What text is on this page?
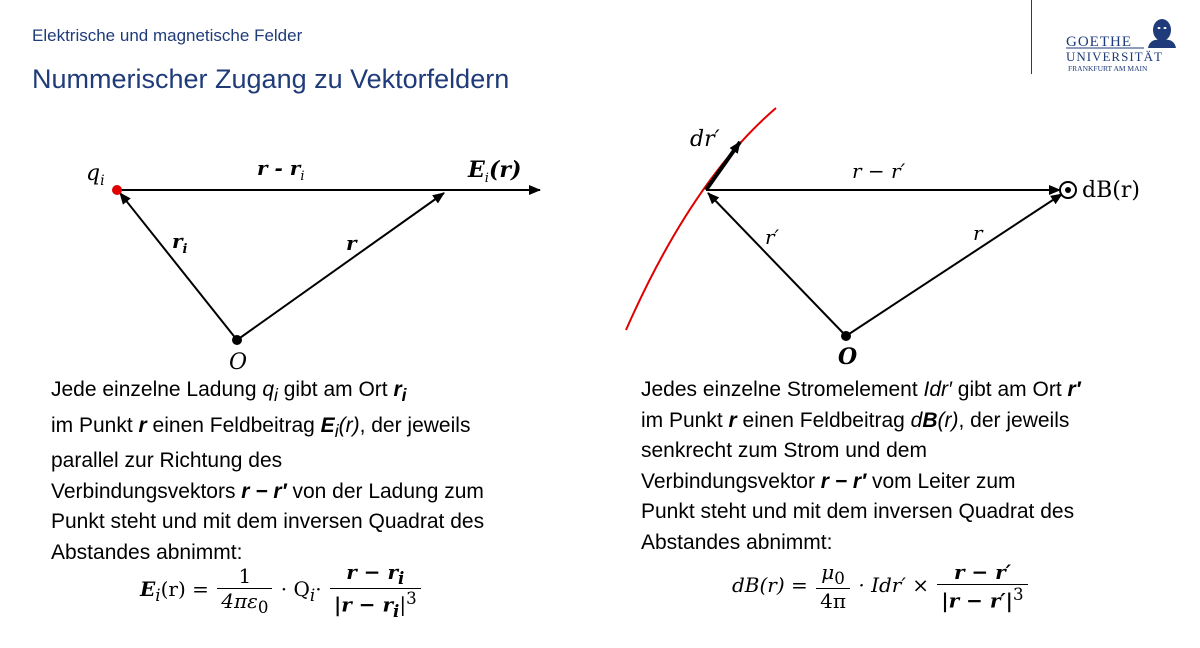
Elektrische und magnetische Felder
Nummerischer Zugang zu Vektorfeldern
GOETHE
UNIVERSITÄT
FRANKFURT AM MAIN
$q_i$
r - $r_i$	$E_i(r)$
$r_i$	r
O
dr′
r − r′
dB(r)
r′	r
O
Jede einzelne Ladung $q_i$ gibt am Ort $r_i$
im Punkt r einen Feldbeitrag $E_i(r)$, der jeweils
parallel zur Richtung des
Verbindungsvektors r − r′ von der Ladung zum
Punkt steht und mit dem inversen Quadrat des
Abstandes abnimmt:
Jedes einzelne Stromelement Idr′ gibt am Ort r′
im Punkt r einen Feldbeitrag dB(r), der jeweils
senkrecht zum Strom und dem
Verbindungsvektor r − r′ vom Leiter zum
Punkt steht und mit dem inversen Quadrat des
Abstandes abnimmt:
$E_i(r) = \frac{1}{4\pi\varepsilon_0} \cdot Q_i\cdot \frac{r - r_i}{|r - r_i|^3}$	$dB(r) = \frac{\mu_0}{4\pi} \cdot Idr' \times \frac{r - r'}{|r - r'|^3}$
